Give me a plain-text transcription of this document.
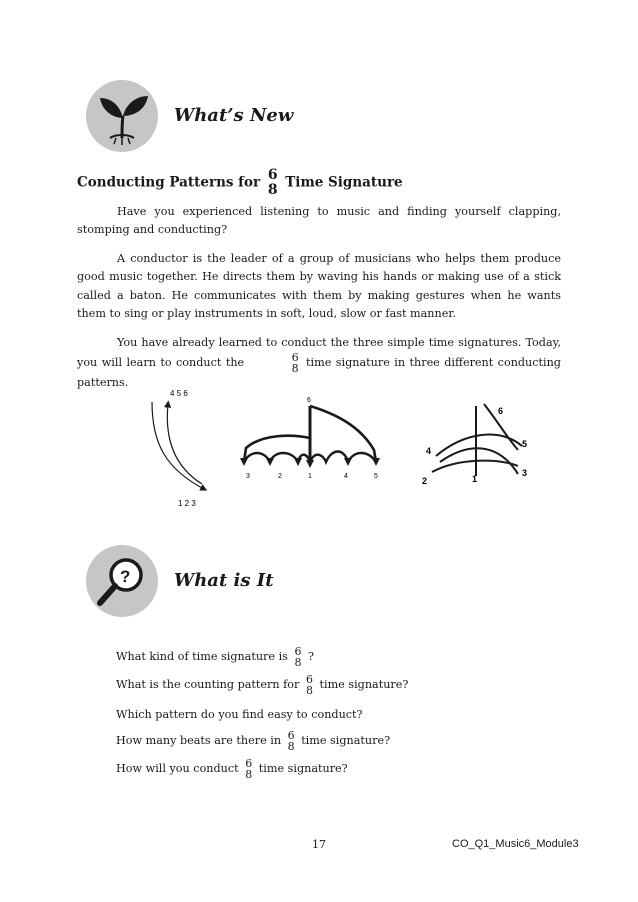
What’s New
Conducting Patterns for 6
8 Time Signature

Have you experienced listening to music and finding yourself clapping, stomping and conducting?

A conductor is the leader of a group of musicians who helps them produce good music together. He directs them by waving his hands or making use of a stick called a baton. He communicates with them by making gestures when he wants them to sing or play instruments in soft, loud, slow or fast manner.

You have already learned to conduct the three simple time signatures. Today, you will learn to conduct the	6
8 time signature in three different conducting patterns.

4 5 6
1 2 3
6
3	2	1	4	5
6
5
4
3
2	1
? What is It
What kind of time signature is 6
8 ?
What is the counting pattern for 6
8 time signature?
Which pattern do you find easy to conduct?
How many beats are there in 6
8 time signature?
How will you conduct 6
8 time signature?
17	CO_Q1_Music6_Module3
